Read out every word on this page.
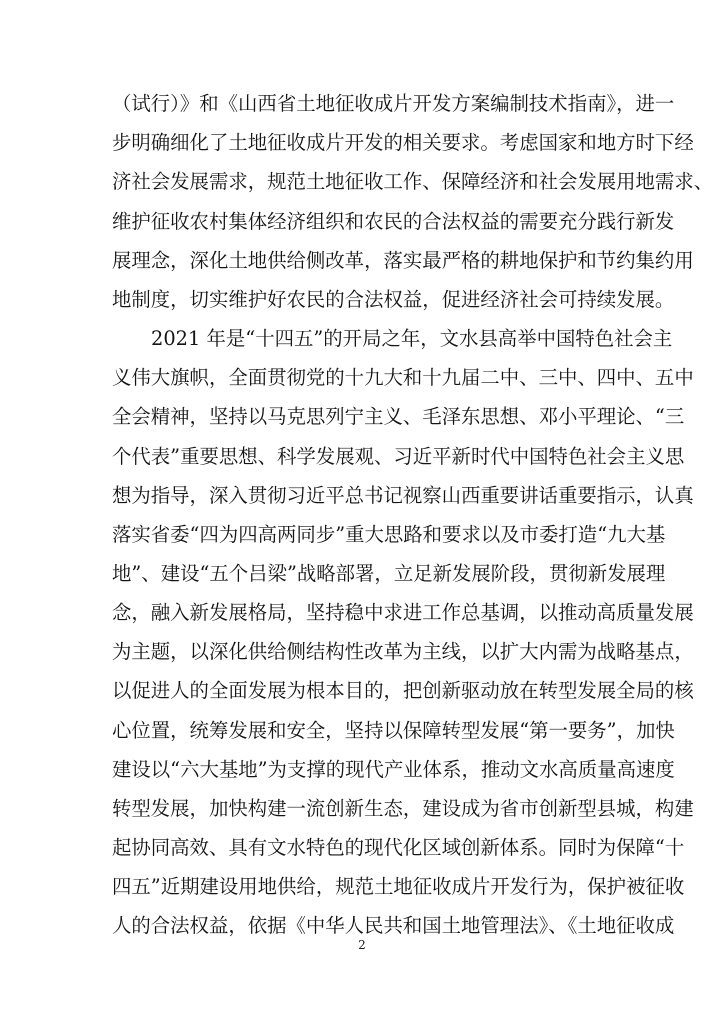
（试行）》和《山西省土地征收成片开发方案编制技术指南》，进一
步明确细化了土地征收成片开发的相关要求。考虑国家和地方时下经
济社会发展需求，规范土地征收工作、保障经济和社会发展用地需求、
维护征收农村集体经济组织和农民的合法权益的需要充分践行新发
展理念，深化土地供给侧改革，落实最严格的耕地保护和节约集约用
地制度，切实维护好农民的合法权益，促进经济社会可持续发展。
2021 年是“十四五”的开局之年，文水县高举中国特色社会主
义伟大旗帜，全面贯彻党的十九大和十九届二中、三中、四中、五中
全会精神，坚持以马克思列宁主义、毛泽东思想、邓小平理论、“三
个代表”重要思想、科学发展观、习近平新时代中国特色社会主义思
想为指导，深入贯彻习近平总书记视察山西重要讲话重要指示，认真
落实省委“四为四高两同步”重大思路和要求以及市委打造“九大基
地”、建设“五个吕梁”战略部署，立足新发展阶段，贯彻新发展理
念，融入新发展格局，坚持稳中求进工作总基调，以推动高质量发展
为主题，以深化供给侧结构性改革为主线，以扩大内需为战略基点，
以促进人的全面发展为根本目的，把创新驱动放在转型发展全局的核
心位置，统筹发展和安全，坚持以保障转型发展“第一要务”，加快
建设以“六大基地”为支撑的现代产业体系，推动文水高质量高速度
转型发展，加快构建一流创新生态，建设成为省市创新型县城，构建
起协同高效、具有文水特色的现代化区域创新体系。同时为保障“十
四五”近期建设用地供给，规范土地征收成片开发行为，保护被征收
人的合法权益，依据《中华人民共和国土地管理法》、《土地征收成
2
